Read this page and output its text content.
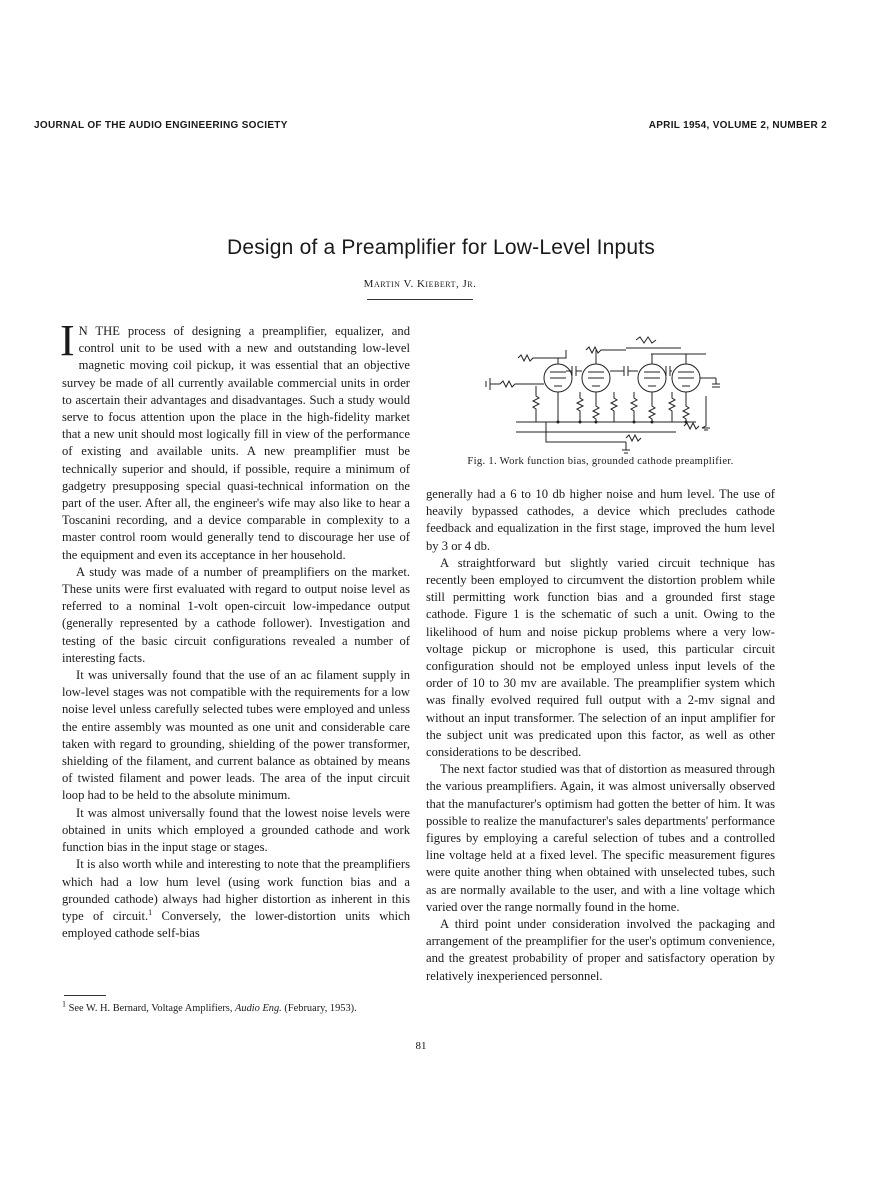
JOURNAL OF THE AUDIO ENGINEERING SOCIETY	APRIL 1954, VOLUME 2, NUMBER 2
Design of a Preamplifier for Low-Level Inputs
Martin V. Kiebert, Jr.

I N THE process of designing a preamplifier, equalizer, and control unit to be used with a new and outstanding low-level magnetic moving coil pickup, it was essential that an objective survey be made of all currently available commercial units in order to ascertain their advantages and disadvantages. Such a study would serve to focus attention upon the place in the high-fidelity market that a new unit should most logically fill in view of the performance of existing and available units. A new preamplifier must be technically superior and should, if possible, require a minimum of gadgetry presupposing special quasi-technical information on the part of the user. After all, the engineer's wife may also like to hear a Toscanini recording, and a device comparable in complexity to a master control room would generally tend to discourage her use of the equipment and even its acceptance in her household.

A study was made of a number of preamplifiers on the market. These units were first evaluated with regard to output noise level as referred to a nominal 1-volt open-circuit low-impedance output (generally represented by a cathode follower). Investigation and testing of the basic circuit configurations revealed a number of interesting facts.

It was universally found that the use of an ac filament supply in low-level stages was not compatible with the requirements for a low noise level unless carefully selected tubes were employed and unless the entire assembly was mounted as one unit and considerable care taken with regard to grounding, shielding of the power transformer, shielding of the filament, and current balance as obtained by means of twisted filament and power leads. The area of the input circuit loop had to be held to the absolute minimum.

It was almost universally found that the lowest noise levels were obtained in units which employed a grounded cathode and work function bias in the input stage or stages.

It is also worth while and interesting to note that the preamplifiers which had a low hum level (using work function bias and a grounded cathode) always had higher distortion as inherent in this type of circuit.$^1$ Conversely, the lower-distortion units which employed cathode self-bias

$^1$ See W. H. Bernard, Voltage Amplifiers, Audio Eng. (February, 1953).
Fig. 1. Work function bias, grounded cathode preamplifier.

generally had a 6 to 10 db higher noise and hum level. The use of heavily bypassed cathodes, a device which precludes cathode feedback and equalization in the first stage, improved the hum level by 3 or 4 db.

A straightforward but slightly varied circuit technique has recently been employed to circumvent the distortion problem while still permitting work function bias and a grounded first stage cathode. Figure 1 is the schematic of such a unit. Owing to the likelihood of hum and noise pickup problems where a very low-voltage pickup or microphone is used, this particular circuit configuration should not be employed unless input levels of the order of 10 to 30 mv are available. The preamplifier system which was finally evolved required full output with a 2-mv signal and without an input transformer. The selection of an input amplifier for the subject unit was predicated upon this factor, as well as other considerations to be described.

The next factor studied was that of distortion as measured through the various preamplifiers. Again, it was almost universally observed that the manufacturer's optimism had gotten the better of him. It was possible to realize the manufacturer's sales departments' performance figures by employing a careful selection of tubes and a controlled line voltage held at a fixed level. The specific measurement figures were quite another thing when obtained with unselected tubes, such as are normally available to the user, and with a line voltage which varied over the range normally found in the home.

A third point under consideration involved the packaging and arrangement of the preamplifier for the user's optimum convenience, and the greatest probability of proper and satisfactory operation by relatively inexperienced personnel.

81
